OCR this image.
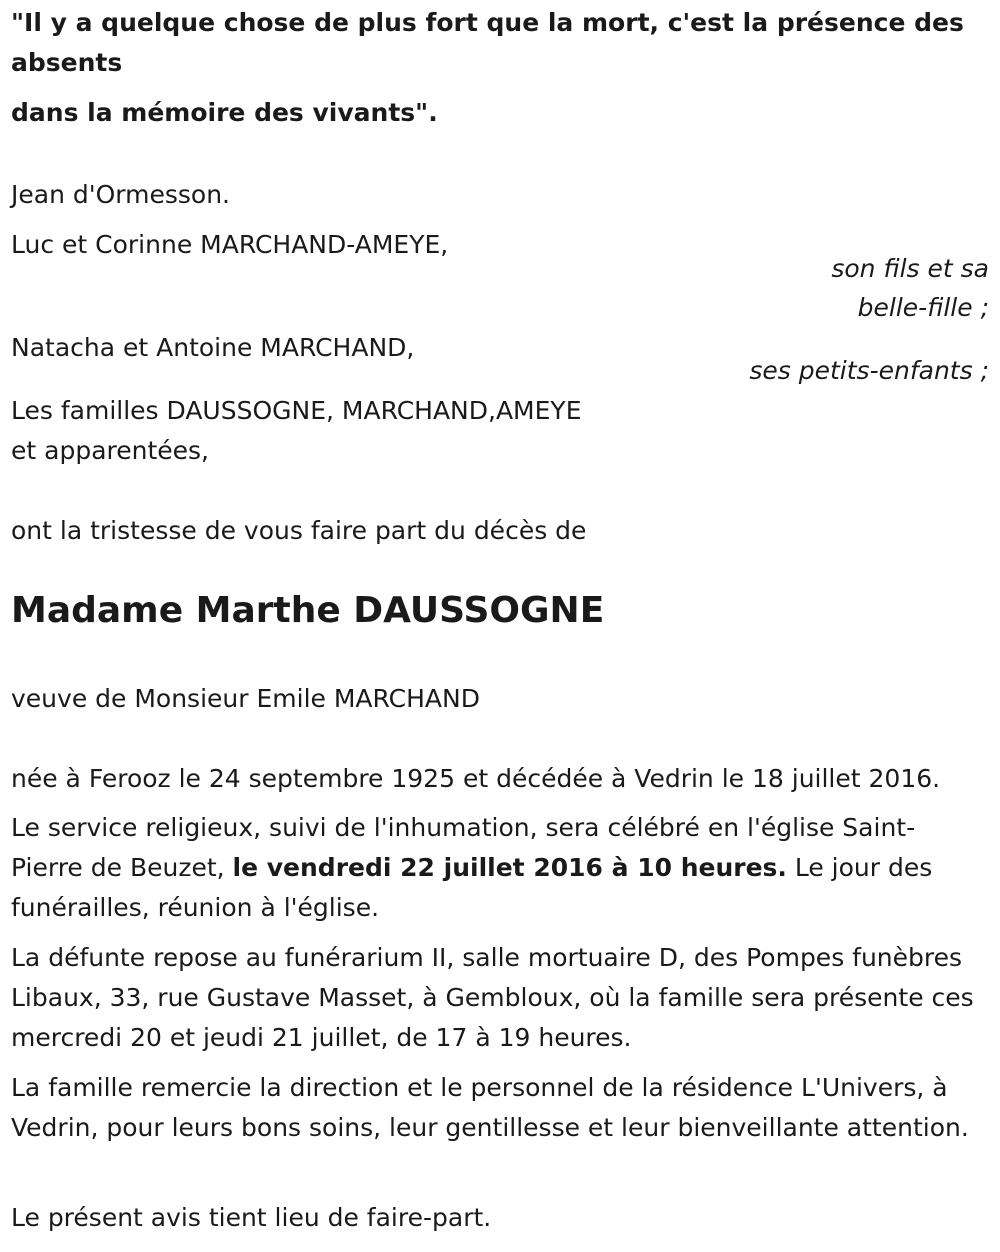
"Il y a quelque chose de plus fort que la mort, c'est la présence des
absents
dans la mémoire des vivants".
Jean d'Ormesson.
Luc et Corinne MARCHAND-AMEYE,
son fils et sa
belle-fille ;
Natacha et Antoine MARCHAND,
ses petits-enfants ;
Les familles DAUSSOGNE, MARCHAND,AMEYE
et apparentées,
ont la tristesse de vous faire part du décès de
Madame Marthe DAUSSOGNE
veuve de Monsieur Emile MARCHAND
née à Ferooz le 24 septembre 1925 et décédée à Vedrin le 18 juillet 2016.

Le service religieux, suivi de l'inhumation, sera célébré en l'église Saint-Pierre de Beuzet, le vendredi 22 juillet 2016 à 10 heures. Le jour des funérailles, réunion à l'église.

La défunte repose au funérarium II, salle mortuaire D, des Pompes funèbres Libaux, 33, rue Gustave Masset, à Gembloux, où la famille sera présente ces mercredi 20 et jeudi 21 juillet, de 17 à 19 heures.

La famille remercie la direction et le personnel de la résidence L'Univers, à Vedrin, pour leurs bons soins, leur gentillesse et leur bienveillante attention.

Le présent avis tient lieu de faire-part.
